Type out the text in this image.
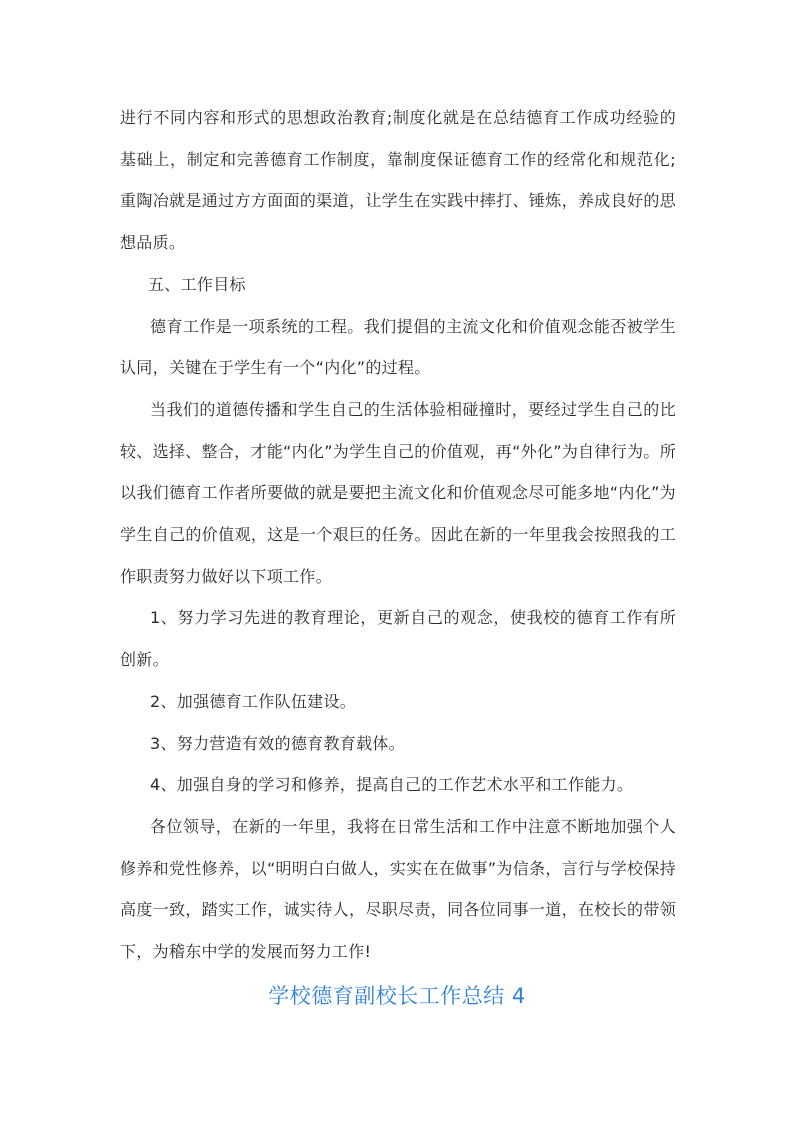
进行不同内容和形式的思想政治教育;制度化就是在总结德育工作成功经验的基础上，制定和完善德育工作制度，靠制度保证德育工作的经常化和规范化;重陶冶就是通过方方面面的渠道，让学生在实践中摔打、锤炼，养成良好的思想品质。

五、工作目标

德育工作是一项系统的工程。我们提倡的主流文化和价值观念能否被学生认同，关键在于学生有一个“内化”的过程。

当我们的道德传播和学生自己的生活体验相碰撞时，要经过学生自己的比较、选择、整合，才能“内化”为学生自己的价值观，再“外化”为自律行为。所以我们德育工作者所要做的就是要把主流文化和价值观念尽可能多地“内化”为学生自己的价值观，这是一个艰巨的任务。因此在新的一年里我会按照我的工作职责努力做好以下项工作。

1、努力学习先进的教育理论，更新自己的观念，使我校的德育工作有所创新。

2、加强德育工作队伍建设。

3、努力营造有效的德育教育载体。

4、加强自身的学习和修养，提高自己的工作艺术水平和工作能力。

各位领导，在新的一年里，我将在日常生活和工作中注意不断地加强个人修养和党性修养，以“明明白白做人，实实在在做事”为信条，言行与学校保持高度一致，踏实工作，诚实待人，尽职尽责，同各位同事一道，在校长的带领下，为稽东中学的发展而努力工作!

学校德育副校长工作总结 4
